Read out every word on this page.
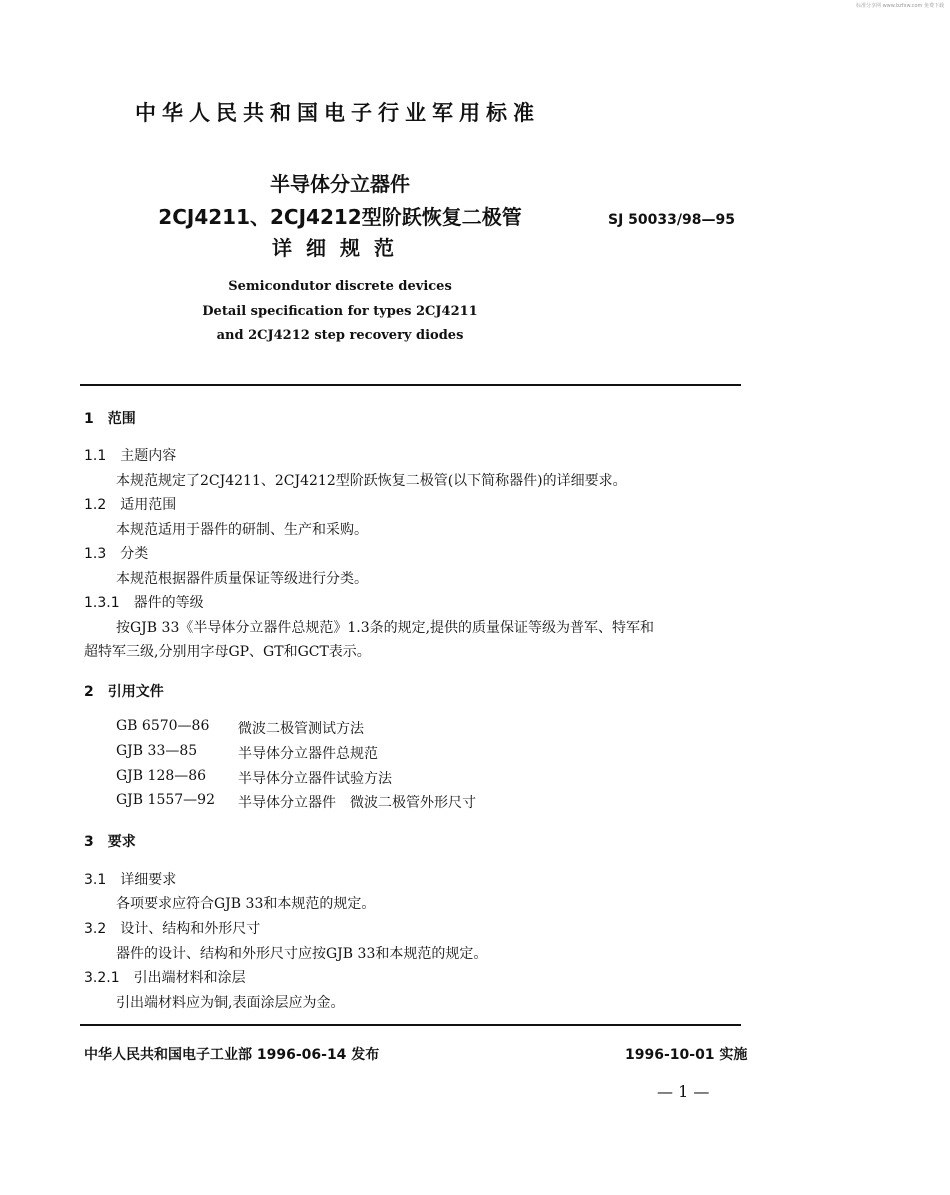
标准分享网 www.bzfxw.com 免费下载
中华人民共和国电子行业军用标准
半导体分立器件
2CJ4211、2CJ4212型阶跃恢复二极管
详细规范
SJ 50033/98—95
Semicondutor discrete devices
Detail specification for types 2CJ4211
and 2CJ4212 step recovery diodes
1　范围
1.1　主题内容
本规范规定了2CJ4211、2CJ4212型阶跃恢复二极管(以下简称器件)的详细要求。
1.2　适用范围
本规范适用于器件的研制、生产和采购。
1.3　分类
本规范根据器件质量保证等级进行分类。
1.3.1　器件的等级
按GJB 33《半导体分立器件总规范》1.3条的规定,提供的质量保证等级为普军、特军和
超特军三级,分别用字母GP、GT和GCT表示。
2　引用文件
GB 6570—86 微波二极管测试方法
GJB 33—85	半导体分立器件总规范
GJB 128—86 半导体分立器件试验方法
GJB 1557—92 半导体分立器件　微波二极管外形尺寸
3　要求
3.1　详细要求
各项要求应符合GJB 33和本规范的规定。
3.2　设计、结构和外形尺寸
器件的设计、结构和外形尺寸应按GJB 33和本规范的规定。
3.2.1　引出端材料和涂层
引出端材料应为铜,表面涂层应为金。
中华人民共和国电子工业部 1996-06-14 发布	1996-10-01 实施
— 1 —
